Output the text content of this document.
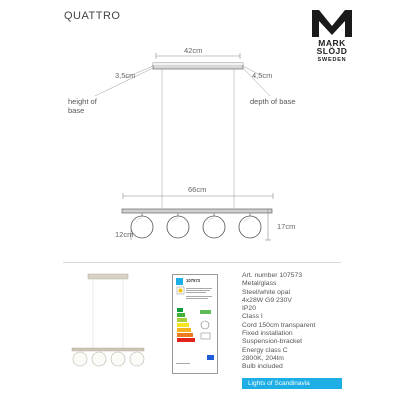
QUATTRO
MARK
SLÖJD
SWEDEN
42cm
3,5cm	4,5cm
height of
base
depth of base
66cm
12cm
17cm
107573
Art. number 107573
Metal/glass
Steel/white opal
4x28W G9 230V
IP20
Class I
Cord 150cm transparent
Fixed installation
Suspension-bracket
Energy class C
2800K, 204lm
Bulb included
Lights of Scandinavia
